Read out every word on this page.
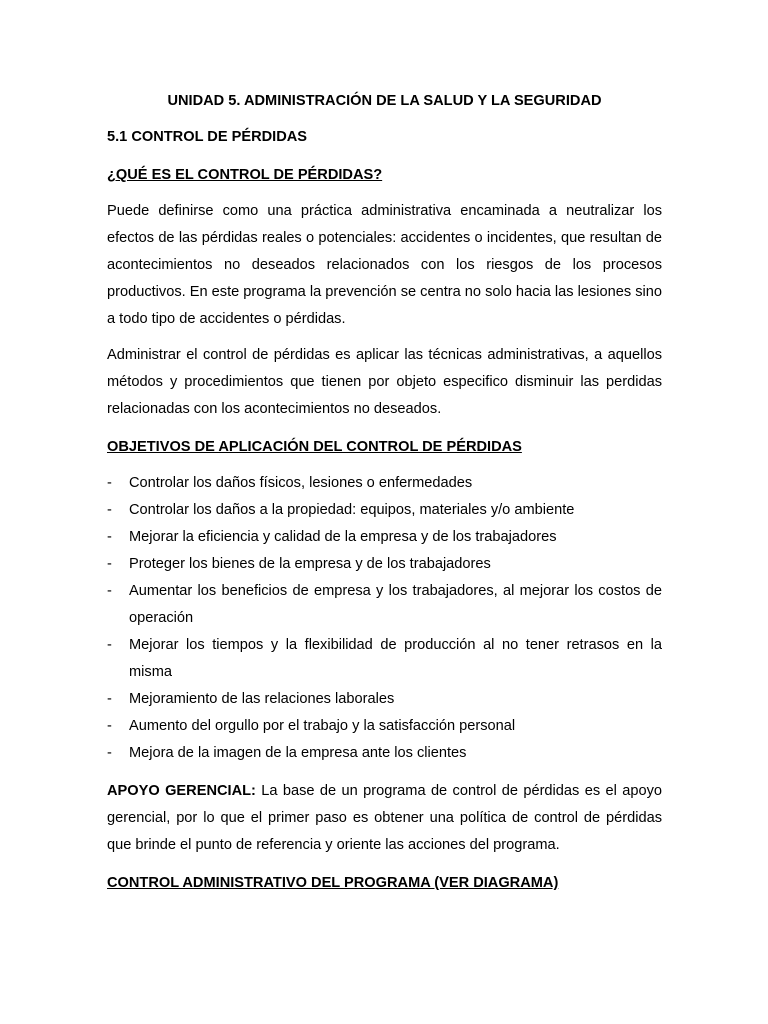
UNIDAD 5. ADMINISTRACIÓN DE LA SALUD Y LA SEGURIDAD
5.1 CONTROL DE PÉRDIDAS
¿QUÉ ES EL CONTROL DE PÉRDIDAS?

Puede definirse como una práctica administrativa encaminada a neutralizar los efectos de las pérdidas reales o potenciales: accidentes o incidentes, que resultan de acontecimientos no deseados relacionados con los riesgos de los procesos productivos. En este programa la prevención se centra no solo hacia las lesiones sino a todo tipo de accidentes o pérdidas.

Administrar el control de pérdidas es aplicar las técnicas administrativas, a aquellos métodos y procedimientos que tienen por objeto especifico disminuir las perdidas relacionadas con los acontecimientos no deseados.

OBJETIVOS DE APLICACIÓN DEL CONTROL DE PÉRDIDAS
- Controlar los daños físicos, lesiones o enfermedades
- Controlar los daños a la propiedad: equipos, materiales y/o ambiente
- Mejorar la eficiencia y calidad de la empresa y de los trabajadores
- Proteger los bienes de la empresa y de los trabajadores
- Aumentar los beneficios de empresa y los trabajadores, al mejorar los costos de operación
- Mejorar los tiempos y la flexibilidad de producción al no tener retrasos en la misma
- Mejoramiento de las relaciones laborales
- Aumento del orgullo por el trabajo y la satisfacción personal
- Mejora de la imagen de la empresa ante los clientes

APOYO GERENCIAL: La base de un programa de control de pérdidas es el apoyo gerencial, por lo que el primer paso es obtener una política de control de pérdidas que brinde el punto de referencia y oriente las acciones del programa.

CONTROL ADMINISTRATIVO DEL PROGRAMA (VER DIAGRAMA)
